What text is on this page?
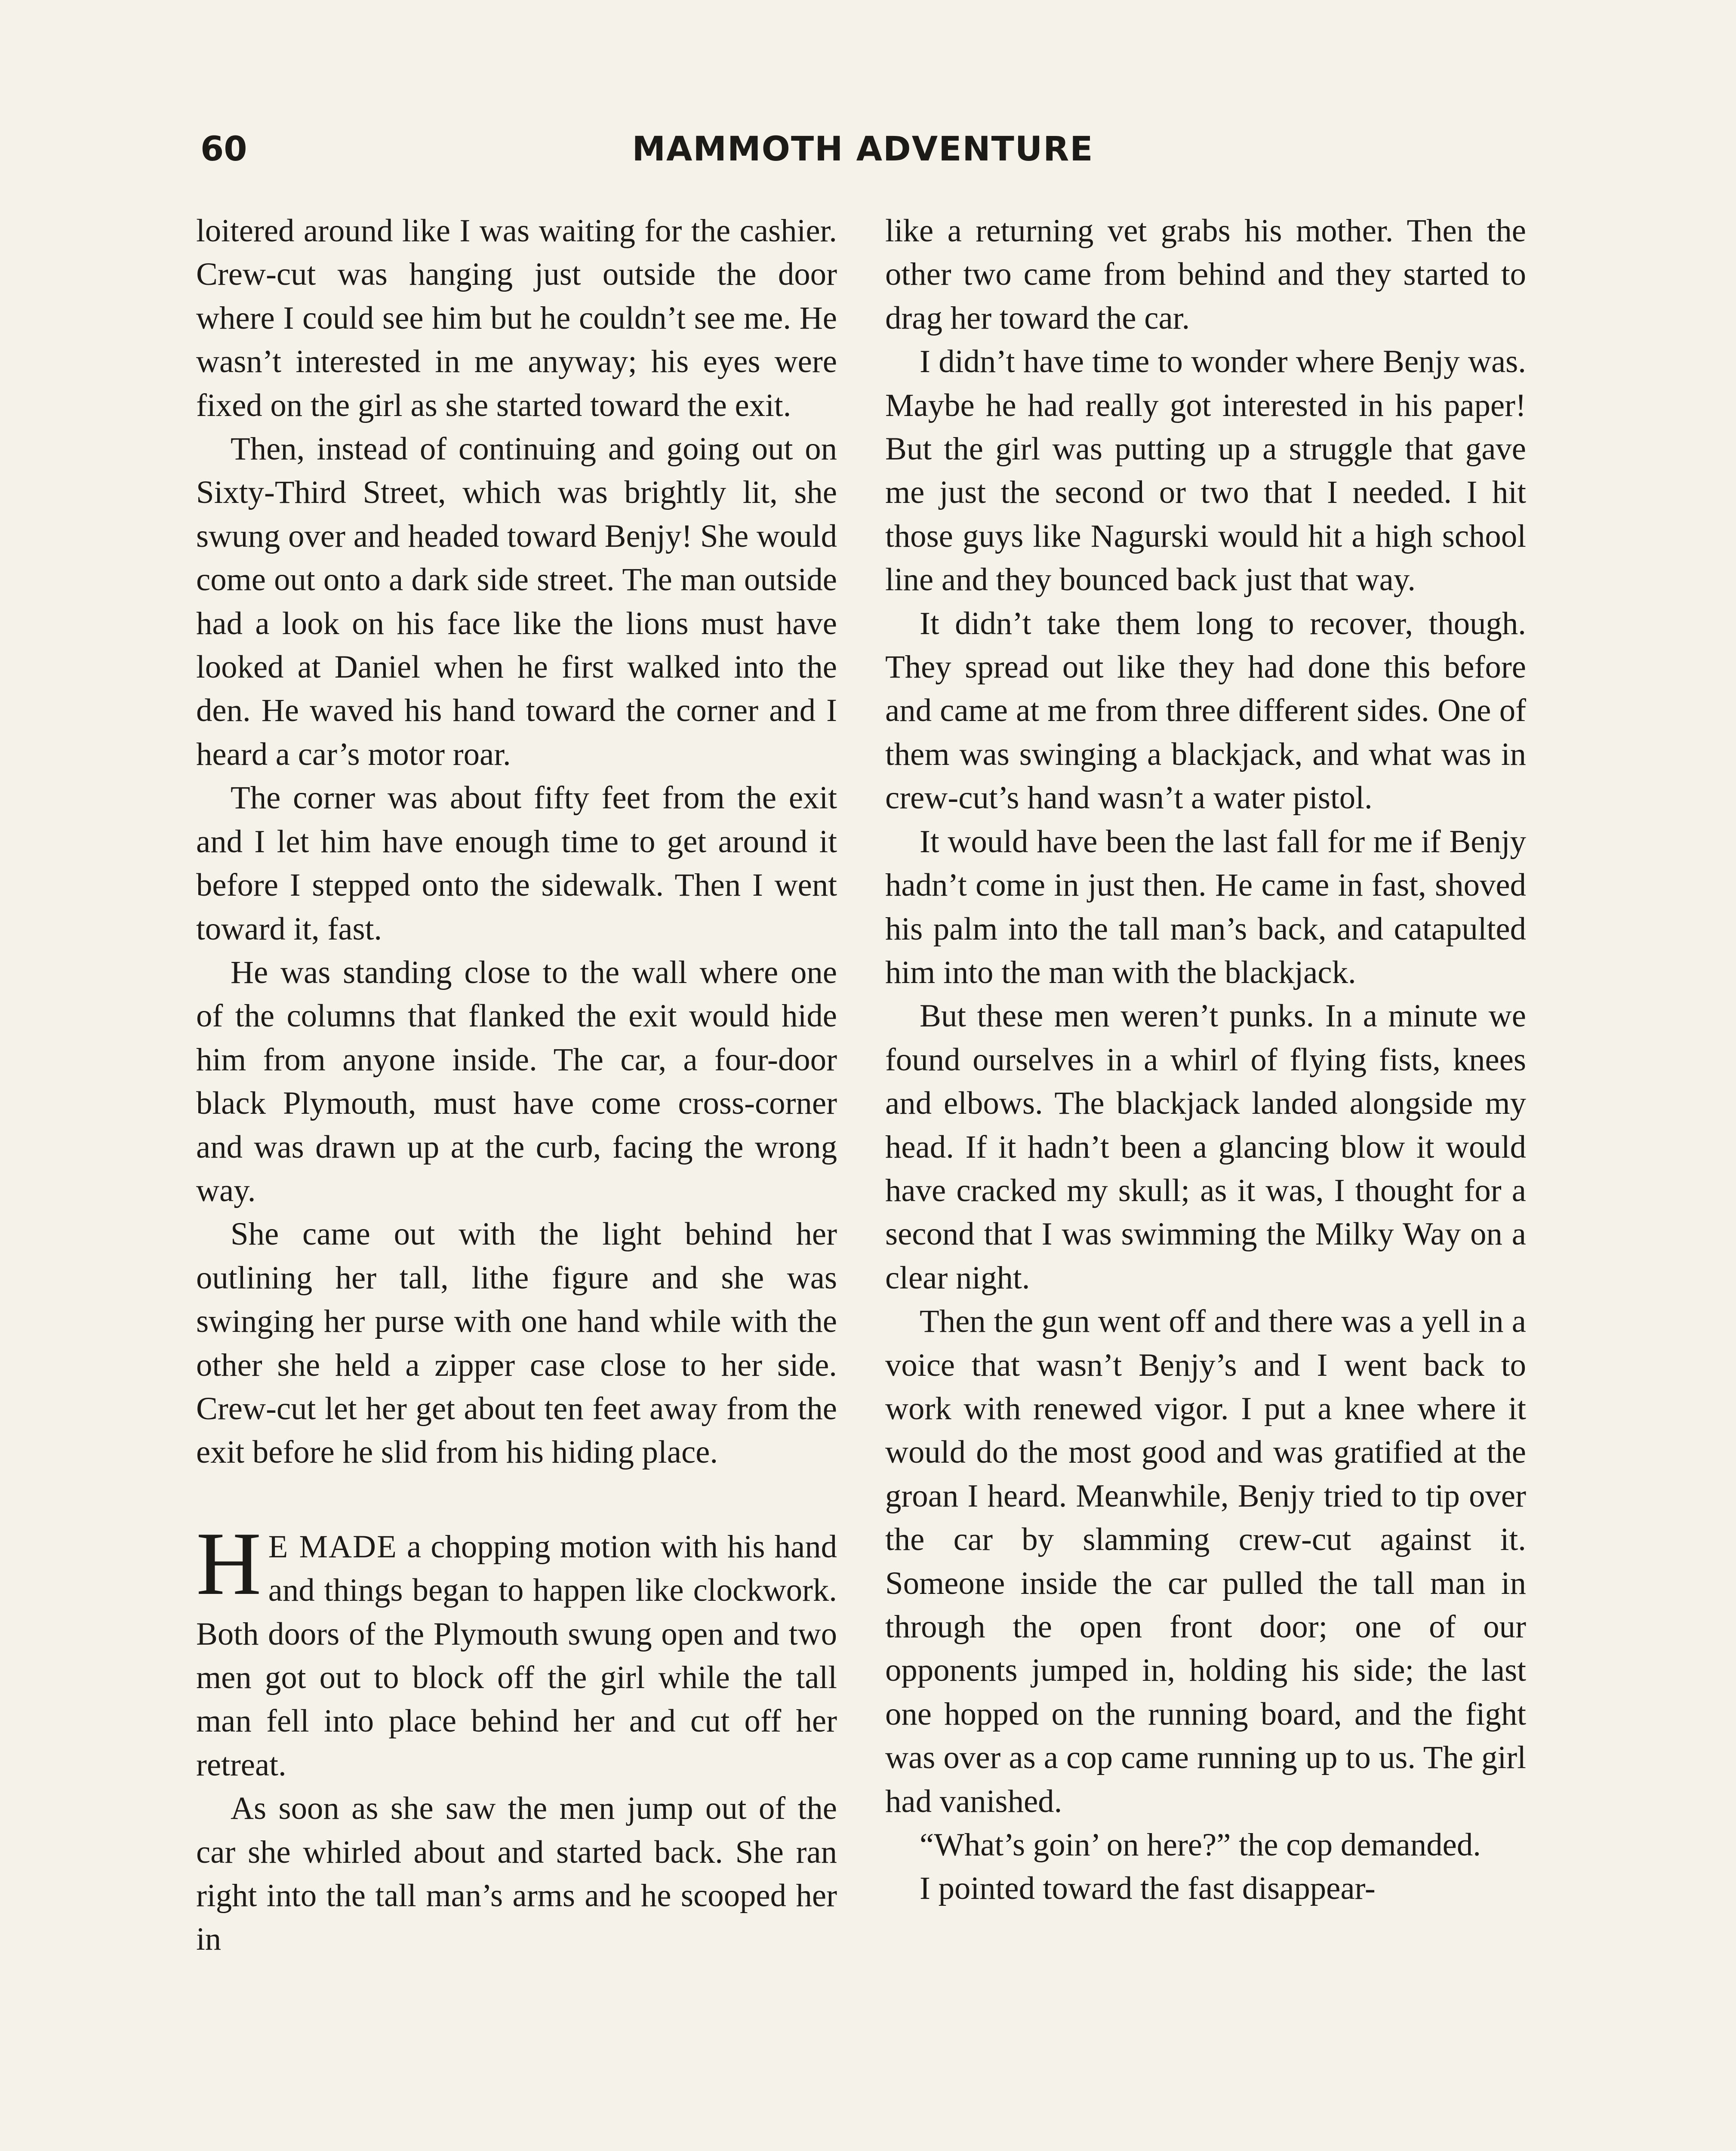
60	MAMMOTH ADVENTURE

loitered around like I was waiting for the cashier. Crew-cut was hanging just outside the door where I could see him but he couldn’t see me. He wasn’t interested in me anyway; his eyes were fixed on the girl as she started toward the exit.

Then, instead of continuing and going out on Sixty-Third Street, which was brightly lit, she swung over and headed toward Benjy! She would come out onto a dark side street. The man outside had a look on his face like the lions must have looked at Daniel when he first walked into the den. He waved his hand toward the corner and I heard a car’s motor roar.

The corner was about fifty feet from the exit and I let him have enough time to get around it before I stepped onto the sidewalk. Then I went toward it, fast.

He was standing close to the wall where one of the columns that flanked the exit would hide him from anyone inside. The car, a four-door black Plymouth, must have come cross-corner and was drawn up at the curb, facing the wrong way.

She came out with the light behind her outlining her tall, lithe figure and she was swinging her purse with one hand while with the other she held a zipper case close to her side. Crew-cut let her get about ten feet away from the exit before he slid from his hiding place.

H E MADE a chopping motion with his hand and things began to happen like clockwork. Both doors of the Plymouth swung open and two men got out to block off the girl while the tall man fell into place behind her and cut off her retreat.

As soon as she saw the men jump out of the car she whirled about and started back. She ran right into the tall man’s arms and he scooped her in

like a returning vet grabs his mother. Then the other two came from behind and they started to drag her toward the car.

I didn’t have time to wonder where Benjy was. Maybe he had really got interested in his paper! But the girl was putting up a struggle that gave me just the second or two that I needed. I hit those guys like Nagurski would hit a high school line and they bounced back just that way.

It didn’t take them long to recover, though. They spread out like they had done this before and came at me from three different sides. One of them was swinging a blackjack, and what was in crew-cut’s hand wasn’t a water pistol.

It would have been the last fall for me if Benjy hadn’t come in just then. He came in fast, shoved his palm into the tall man’s back, and catapulted him into the man with the blackjack.

But these men weren’t punks. In a minute we found ourselves in a whirl of flying fists, knees and elbows. The blackjack landed alongside my head. If it hadn’t been a glancing blow it would have cracked my skull; as it was, I thought for a second that I was swimming the Milky Way on a clear night.

Then the gun went off and there was a yell in a voice that wasn’t Benjy’s and I went back to work with renewed vigor. I put a knee where it would do the most good and was gratified at the groan I heard. Meanwhile, Benjy tried to tip over the car by slamming crew-cut against it. Someone inside the car pulled the tall man in through the open front door; one of our opponents jumped in, holding his side; the last one hopped on the running board, and the fight was over as a cop came running up to us. The girl had vanished.

“What’s goin’ on here?” the cop demanded.

I pointed toward the fast disappear-
